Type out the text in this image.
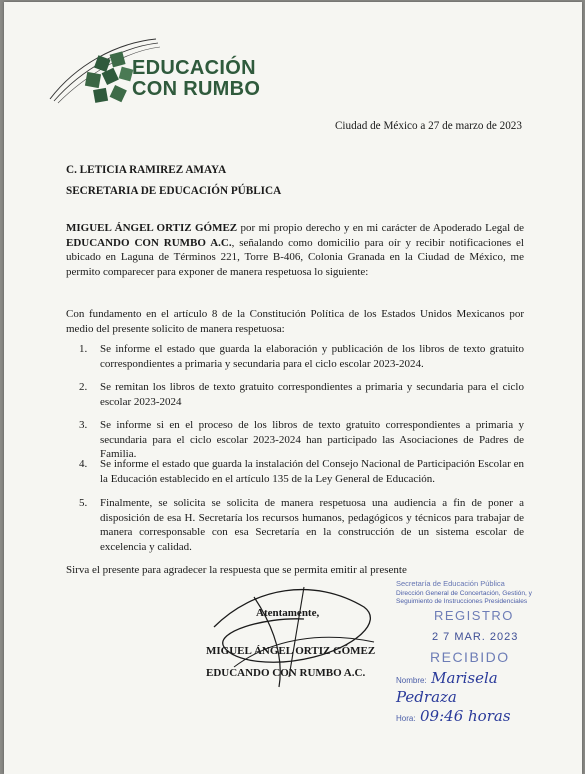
EDUCACIÓN
CON RUMBO
Ciudad de México a 27 de marzo de 2023
C. LETICIA RAMIREZ AMAYA
SECRETARIA DE EDUCACIÓN PÚBLICA
MIGUEL ÁNGEL ORTIZ GÓMEZ por mi propio derecho y en mi carácter de Apoderado Legal de EDUCANDO CON RUMBO A.C., señalando como domicilio para oír y recibir notificaciones el ubicado en Laguna de Términos 221, Torre B-406, Colonia Granada en la Ciudad de México, me permito comparecer para exponer de manera respetuosa lo siguiente:
Con fundamento en el artículo 8 de la Constitución Política de los Estados Unidos Mexicanos por medio del presente solicito de manera respetuosa:
1. Se informe el estado que guarda la elaboración y publicación de los libros de texto gratuito correspondientes a primaria y secundaria para el ciclo escolar 2023-2024.
2. Se remitan los libros de texto gratuito correspondientes a primaria y secundaria para el ciclo escolar 2023-2024
3. Se informe si en el proceso de los libros de texto gratuito correspondientes a primaria y secundaria para el ciclo escolar 2023-2024 han participado las Asociaciones de Padres de Familia.
4. Se informe el estado que guarda la instalación del Consejo Nacional de Participación Escolar en la Educación establecido en el artículo 135 de la Ley General de Educación.
5. Finalmente, se solicita se solicita de manera respetuosa una audiencia a fin de poner a disposición de esa H. Secretaría los recursos humanos, pedagógicos y técnicos para trabajar de manera corresponsable con esa Secretaría en la construcción de un sistema escolar de excelencia y calidad.
Sirva el presente para agradecer la respuesta que se permita emitir al presente
Atentamente,
MIGUEL ÁNGEL ORTIZ GÓMEZ
EDUCANDO CON RUMBO A.C.
Secretaría de Educación Pública
Dirección General de Concertación, Gestión, y Seguimiento de Instrucciones Presidenciales
REGISTRO
2 7 MAR. 2023
RECIBIDO
Nombre: Marisela Pedraza
Hora: 09:46 horas
